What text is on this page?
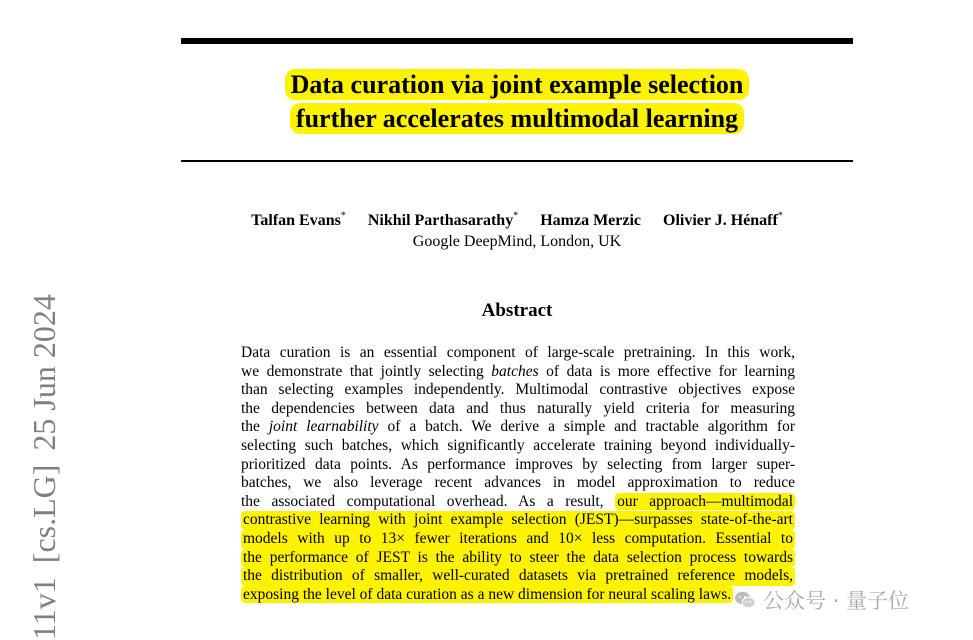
Data curation via joint example selection
further accelerates multimodal learning
Talfan Evans* Nikhil Parthasarathy* Hamza Merzic Olivier J. Hénaff*
Google DeepMind, London, UK
Abstract
Data curation is an essential component of large-scale pretraining. In this work,
we demonstrate that jointly selecting batches of data is more effective for learning
than selecting examples independently. Multimodal contrastive objectives expose
the dependencies between data and thus naturally yield criteria for measuring
the joint learnability of a batch. We derive a simple and tractable algorithm for
selecting such batches, which significantly accelerate training beyond individually-
prioritized data points. As performance improves by selecting from larger super-
batches, we also leverage recent advances in model approximation to reduce
the associated computational overhead. As a result, our approach—multimodal
contrastive learning with joint example selection (JEST)—surpasses state-of-the-art
models with up to 13× fewer iterations and 10× less computation. Essential to
the performance of JEST is the ability to steer the data selection process towards
the distribution of smaller, well-curated datasets via pretrained reference models,
exposing the level of data curation as a new dimension for neural scaling laws.
11v1[cs.LG]25 Jun 2024
公众号 · 量子位
